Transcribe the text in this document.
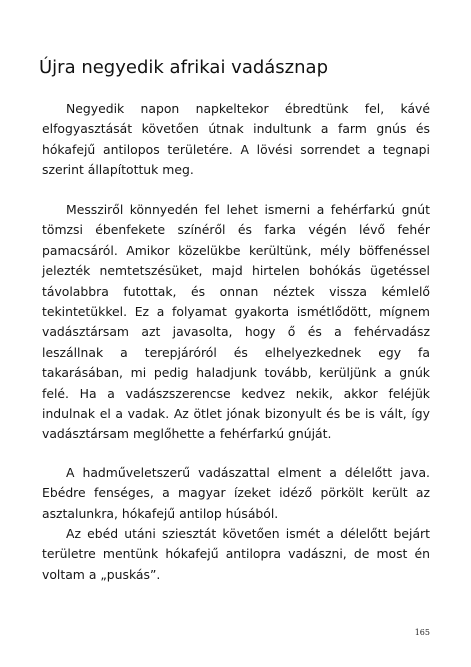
Újra negyedik afrikai vadásznap

Negyedik napon napkeltekor ébredtünk fel, kávé elfogyasztását követően útnak indultunk a farm gnús és hókafejű antilopos területére. A lövési sorrendet a tegnapi szerint állapítottuk meg.

Messziről könnyedén fel lehet ismerni a fehérfarkú gnút tömzsi ébenfekete színéről és farka végén lévő fehér pamacsáról. Amikor közelükbe kerültünk, mély böffenéssel jelezték nemtetszésüket, majd hirtelen bohókás ügetéssel távolabbra futottak, és onnan néztek vissza kémlelő tekintetükkel. Ez a folyamat gyakorta ismétlődött, mígnem vadásztársam azt javasolta, hogy ő és a fehérvadász leszállnak a terepjáróról és elhelyezkednek egy fa takarásában, mi pedig haladjunk tovább, kerüljünk a gnúk felé. Ha a vadászszerencse kedvez nekik, akkor feléjük indulnak el a vadak. Az ötlet jónak bizonyult és be is vált, így vadásztársam meglőhette a fehérfarkú gnúját.

A hadműveletszerű vadászattal elment a délelőtt java. Ebédre fenséges, a magyar ízeket idéző pörkölt került az asztalunkra, hókafejű antilop húsából.

Az ebéd utáni sziesztát követően ismét a délelőtt bejárt területre mentünk hókafejű antilopra vadászni, de most én voltam a „puskás”.

165
